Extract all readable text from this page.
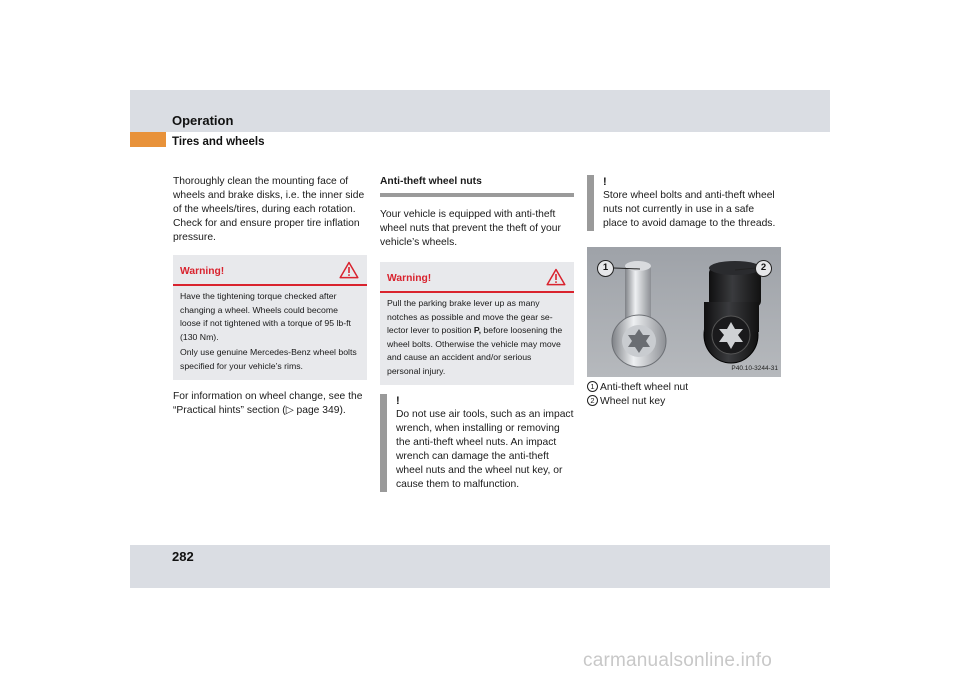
Operation
Tires and wheels

Thoroughly clean the mounting face of wheels and brake disks, i.e. the inner side of the wheels/tires, during each rotation. Check for and ensure proper tire inflation pressure.

Warning!

Have the tightening torque checked after changing a wheel. Wheels could become loose if not tightened with a torque of 95 lb-ft (130 Nm).

Only use genuine Mercedes-Benz wheel bolts specified for your vehicle’s rims.

For information on wheel change, see the “Practical hints” section (▷ page 349).

Anti-theft wheel nuts

Your vehicle is equipped with anti-theft wheel nuts that prevent the theft of your vehicle’s wheels.

Warning!

Pull the parking brake lever up as many notches as possible and move the gear se-lector lever to position P, before loosening the wheel bolts. Otherwise the vehicle may move and cause an accident and/or serious personal injury.

!

Do not use air tools, such as an impact wrench, when installing or removing the anti-theft wheel nuts. An impact wrench can damage the anti-theft wheel nuts and the wheel nut key, or cause them to malfunction.

!

Store wheel bolts and anti-theft wheel nuts not currently in use in a safe place to avoid damage to the threads.

1	2
P40.10-3244-31
1 Anti-theft wheel nut
2 Wheel nut key
282
carmanualsonline.info
